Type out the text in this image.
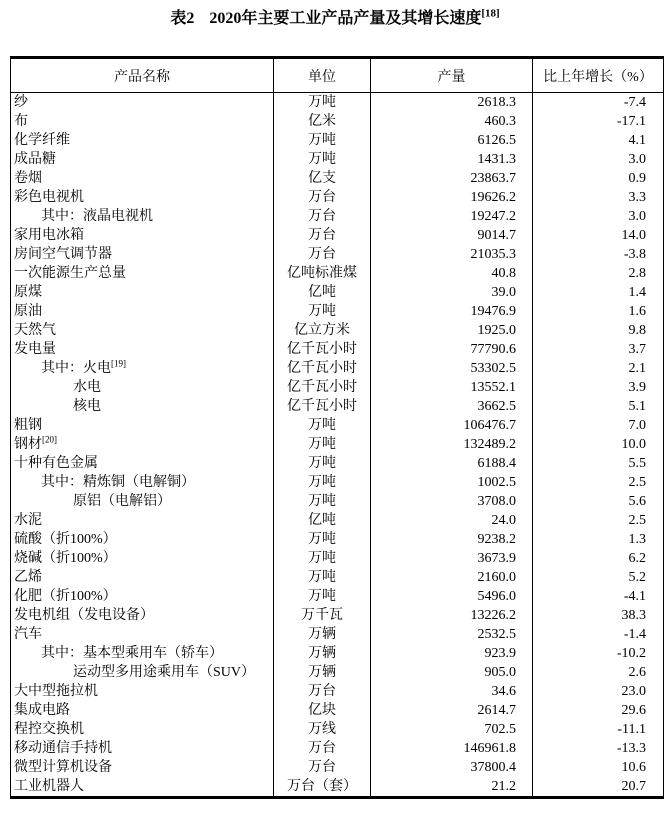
表2 2020年主要工业产品产量及其增长速度[18]
产品名称	单位	产量	比上年增长（%）
纱	万吨	2618.3	-7.4
布	亿米	460.3	-17.1
化学纤维	万吨	6126.5	4.1
成品糖	万吨	1431.3	3.0
卷烟	亿支	23863.7	0.9
彩色电视机	万台	19626.2	3.3
其中：液晶电视机	万台	19247.2	3.0
家用电冰箱	万台	9014.7	14.0
房间空气调节器	万台	21035.3	-3.8
一次能源生产总量	亿吨标准煤	40.8	2.8
原煤	亿吨	39.0	1.4
原油	万吨	19476.9	1.6
天然气	亿立方米	1925.0	9.8
发电量	亿千瓦小时	77790.6	3.7
其中：火电[19]	亿千瓦小时	53302.5	2.1
水电	亿千瓦小时	13552.1	3.9
核电	亿千瓦小时	3662.5	5.1
粗钢	万吨	106476.7	7.0
钢材[20]	万吨	132489.2	10.0
十种有色金属	万吨	6188.4	5.5
其中：精炼铜（电解铜）	万吨	1002.5	2.5
原铝（电解铝）	万吨	3708.0	5.6
水泥	亿吨	24.0	2.5
硫酸（折100%）	万吨	9238.2	1.3
烧碱（折100%）	万吨	3673.9	6.2
乙烯	万吨	2160.0	5.2
化肥（折100%）	万吨	5496.0	-4.1
发电机组（发电设备）	万千瓦	13226.2	38.3
汽车	万辆	2532.5	-1.4
其中：基本型乘用车（轿车）	万辆	923.9	-10.2
运动型多用途乘用车（SUV）	万辆	905.0	2.6
大中型拖拉机	万台	34.6	23.0
集成电路	亿块	2614.7	29.6
程控交换机	万线	702.5	-11.1
移动通信手持机	万台	146961.8	-13.3
微型计算机设备	万台	37800.4	10.6
工业机器人	万台（套）	21.2	20.7
